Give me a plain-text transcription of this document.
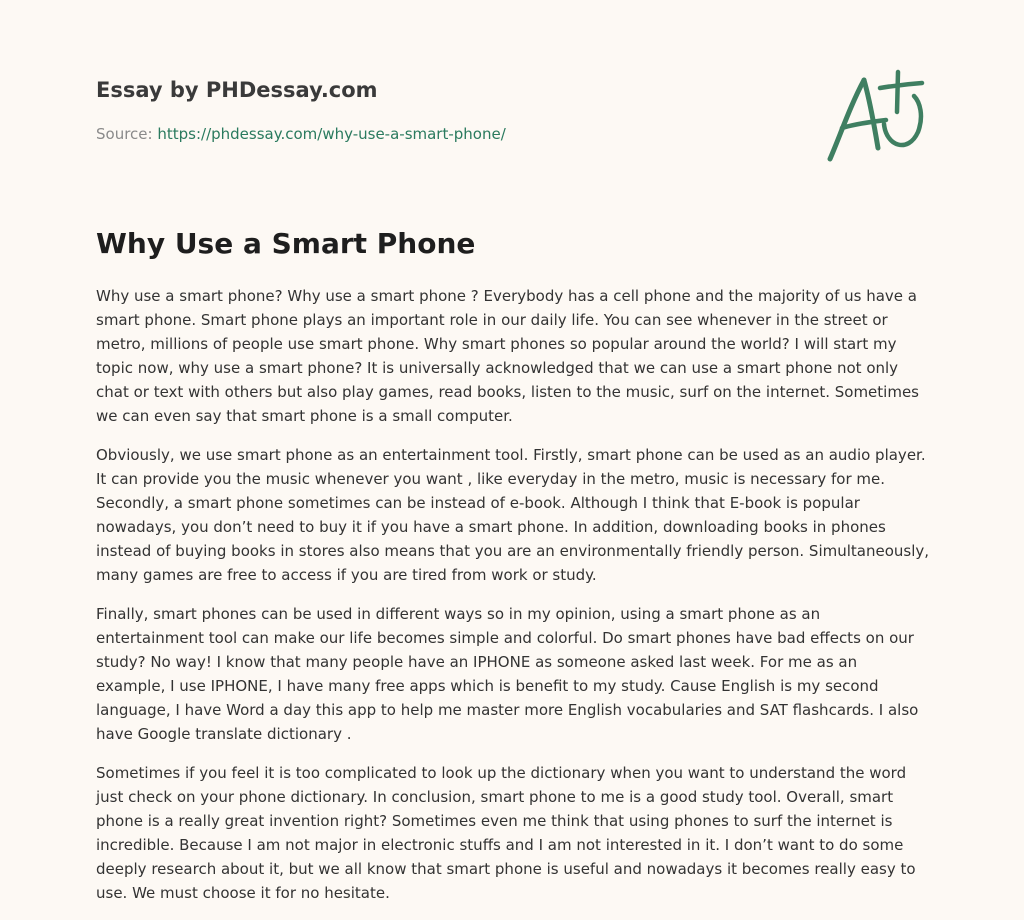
Essay by PHDessay.com
Source: https://phdessay.com/why-use-a-smart-phone/
Why Use a Smart Phone

Why use a smart phone? Why use a smart phone ? Everybody has a cell phone and the majority of us have a smart phone. Smart phone plays an important role in our daily life. You can see whenever in the street or metro, millions of people use smart phone. Why smart phones so popular around the world? I will start my topic now, why use a smart phone? It is universally acknowledged that we can use a smart phone not only chat or text with others but also play games, read books, listen to the music, surf on the internet. Sometimes we can even say that smart phone is a small computer.

Obviously, we use smart phone as an entertainment tool. Firstly, smart phone can be used as an audio player. It can provide you the music whenever you want , like everyday in the metro, music is necessary for me. Secondly, a smart phone sometimes can be instead of e-book. Although I think that E-book is popular nowadays, you don’t need to buy it if you have a smart phone. In addition, downloading books in phones instead of buying books in stores also means that you are an environmentally friendly person. Simultaneously, many games are free to access if you are tired from work or study.

Finally, smart phones can be used in different ways so in my opinion, using a smart phone as an entertainment tool can make our life becomes simple and colorful. Do smart phones have bad effects on our study? No way! I know that many people have an IPHONE as someone asked last week. For me as an example, I use IPHONE, I have many free apps which is benefit to my study. Cause English is my second language, I have Word a day this app to help me master more English vocabularies and SAT flashcards. I also have Google translate dictionary .

Sometimes if you feel it is too complicated to look up the dictionary when you want to understand the word just check on your phone dictionary. In conclusion, smart phone to me is a good study tool. Overall, smart phone is a really great invention right? Sometimes even me think that using phones to surf the internet is incredible. Because I am not major in electronic stuffs and I am not interested in it. I don’t want to do some deeply research about it, but we all know that smart phone is useful and nowadays it becomes really easy to use. We must choose it for no hesitate.
